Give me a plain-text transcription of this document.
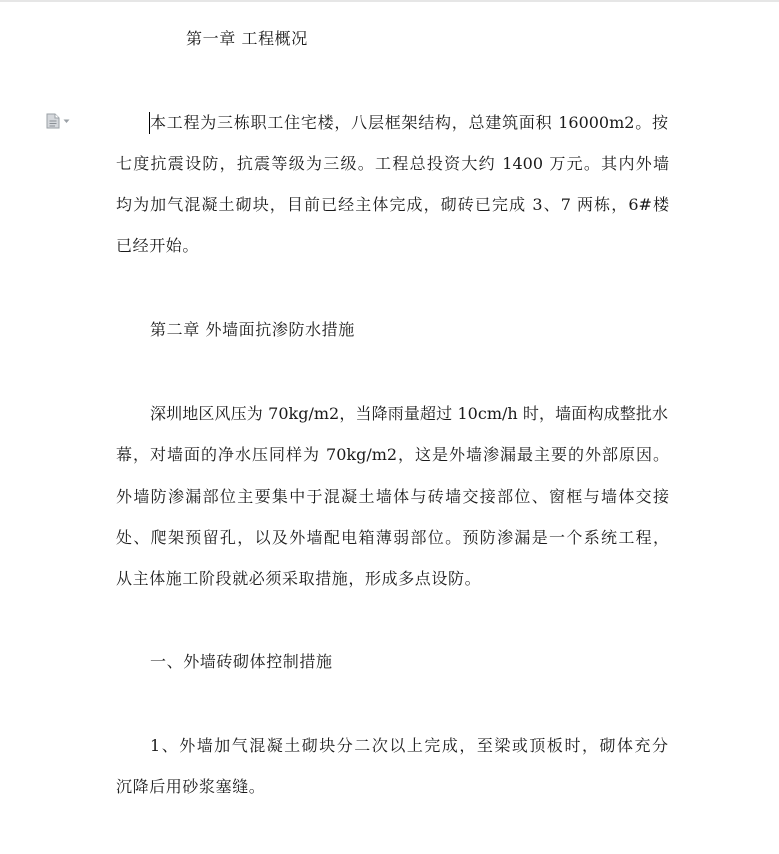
第一章 工程概况
本工程为三栋职工住宅楼，八层框架结构，总建筑面积 16000m2。按
七度抗震设防，抗震等级为三级。工程总投资大约 1400 万元。其内外墙
均为加气混凝土砌块，目前已经主体完成，砌砖已完成 3、7 两栋，6#楼
已经开始。
第二章 外墙面抗渗防水措施
深圳地区风压为 70kg/m2，当降雨量超过 10cm/h 时，墙面构成整批水
幕，对墙面的净水压同样为 70kg/m2，这是外墙渗漏最主要的外部原因。
外墙防渗漏部位主要集中于混凝土墙体与砖墙交接部位、窗框与墙体交接
处、爬架预留孔，以及外墙配电箱薄弱部位。预防渗漏是一个系统工程，
从主体施工阶段就必须采取措施，形成多点设防。
一、外墙砖砌体控制措施
1、外墙加气混凝土砌块分二次以上完成，至梁或顶板时，砌体充分
沉降后用砂浆塞缝。
